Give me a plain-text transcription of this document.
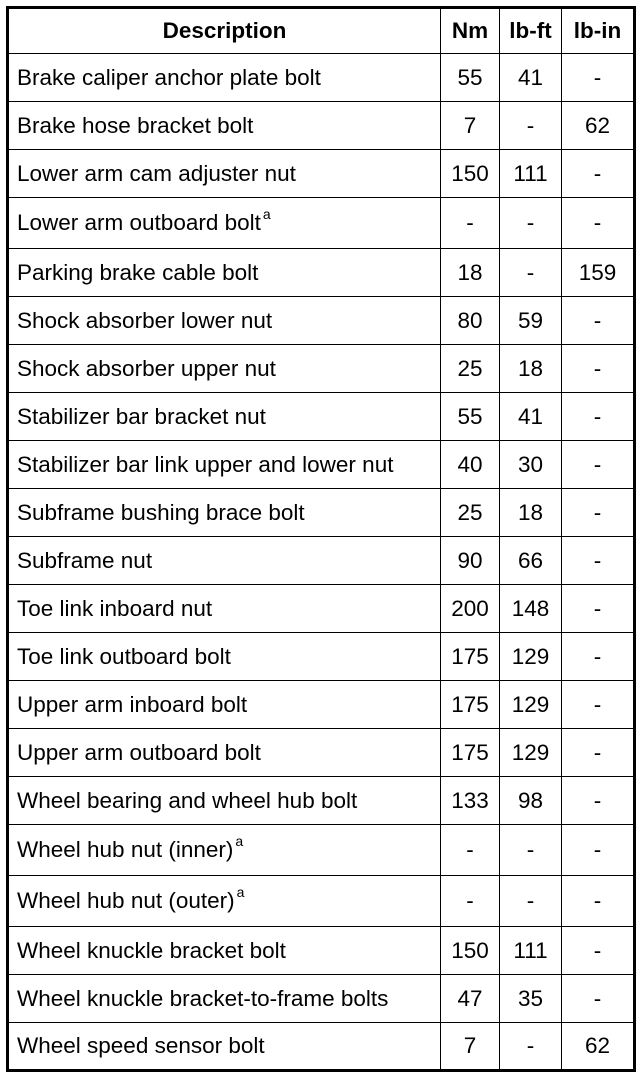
Description	Nm	lb-ft	lb-in
Brake caliper anchor plate bolt	55	41	-
Brake hose bracket bolt	7	-	62
Lower arm cam adjuster nut	150	111	-
Lower arm outboard bolt $^a$	-	-	-
Parking brake cable bolt	18	-	159
Shock absorber lower nut	80	59	-
Shock absorber upper nut	25	18	-
Stabilizer bar bracket nut	55	41	-
Stabilizer bar link upper and lower nut	40	30	-
Subframe bushing brace bolt	25	18	-
Subframe nut	90	66	-
Toe link inboard nut	200	148	-
Toe link outboard bolt	175	129	-
Upper arm inboard bolt	175	129	-
Upper arm outboard bolt	175	129	-
Wheel bearing and wheel hub bolt	133	98	-
Wheel hub nut (inner) $^a$	-	-	-
Wheel hub nut (outer) $^a$	-	-	-
Wheel knuckle bracket bolt	150	111	-
Wheel knuckle bracket-to-frame bolts	47	35	-
Wheel speed sensor bolt	7	-	62
